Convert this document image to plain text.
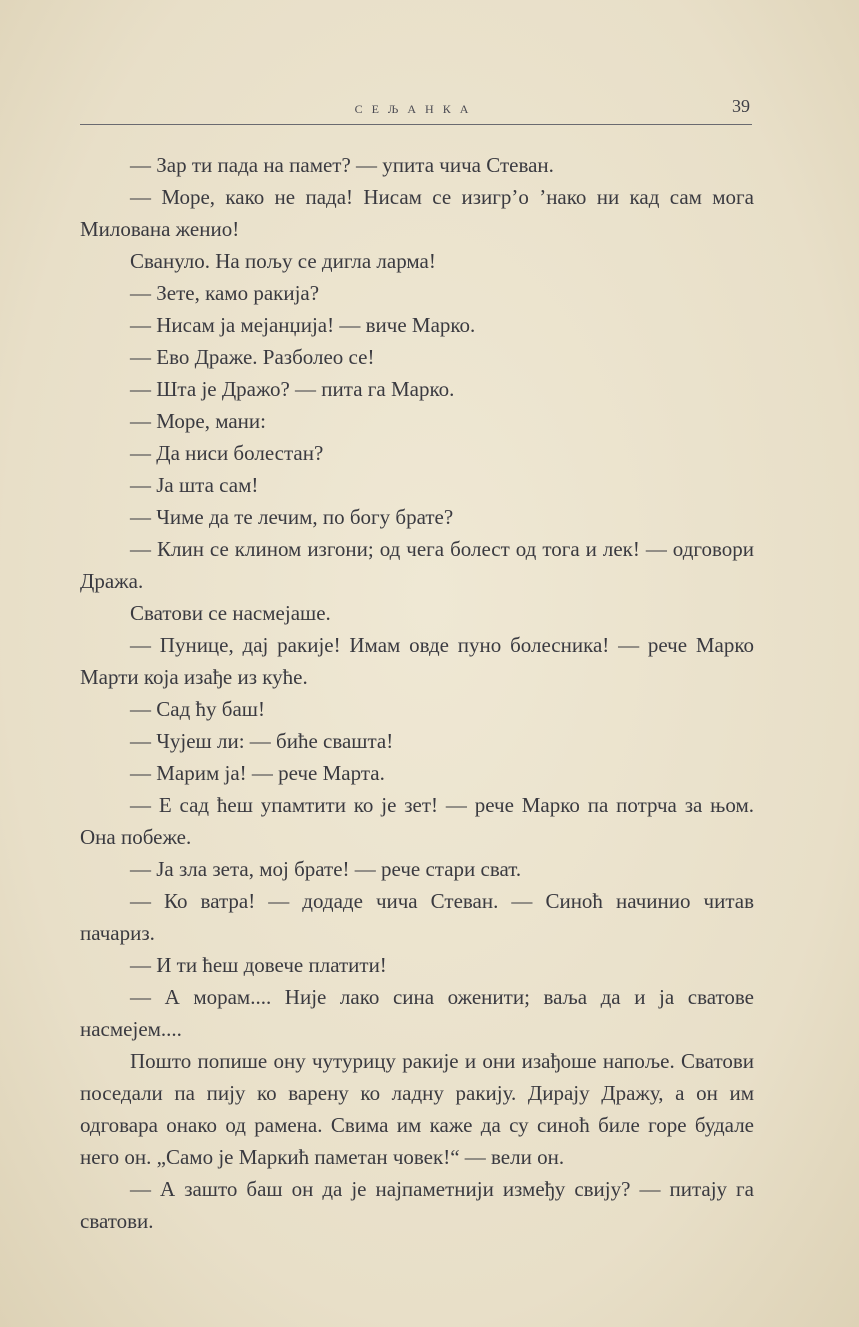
СЕЉАНКА	39

— Зар ти пада на памет? — упита чича Стеван.

— Море, како не пада! Нисам се изигр’о ’нако ни кад сам мога Милована женио!

Свануло. На пољу се дигла ларма!

— Зете, камо ракија?

— Нисам ја мејанџија! — виче Марко.

— Ево Драже. Разболео се!

— Шта је Дражо? — пита га Марко.

— Море, мани:

— Да ниси болестан?

— Ја шта сам!

— Чиме да те лечим, по богу брате?

— Клин се клином изгони; од чега болест од тога и лек! — одговори Дража.

Сватови се насмејаше.

— Пунице, дај ракије! Имам овде пуно болесника! — рече Марко Марти која изађе из куће.

— Сад ћу баш!

— Чујеш ли: — биће свашта!

— Марим ја! — рече Марта.

— Е сад ћеш упамтити ко је зет! — рече Марко па потрча за њом. Она побеже.

— Ја зла зета, мој брате! — рече стари сват.

— Ко ватра! — додаде чича Стеван. — Синоћ начинио читав пачариз.

— И ти ћеш довече платити!

— А морам.... Није лако сина оженити; ваља да и ја сватове насмејем....

Пошто попише ону чутурицу ракије и они изађоше напоље. Сватови поседали па пију ко варену ко ладну ракију. Дирају Дражу, а он им одговара онако од рамена. Свима им каже да су синоћ биле горе будале него он. „Само је Маркић паметан човек!“ — вели он.

— А зашто баш он да је најпаметнији између свију? — питају га сватови.
